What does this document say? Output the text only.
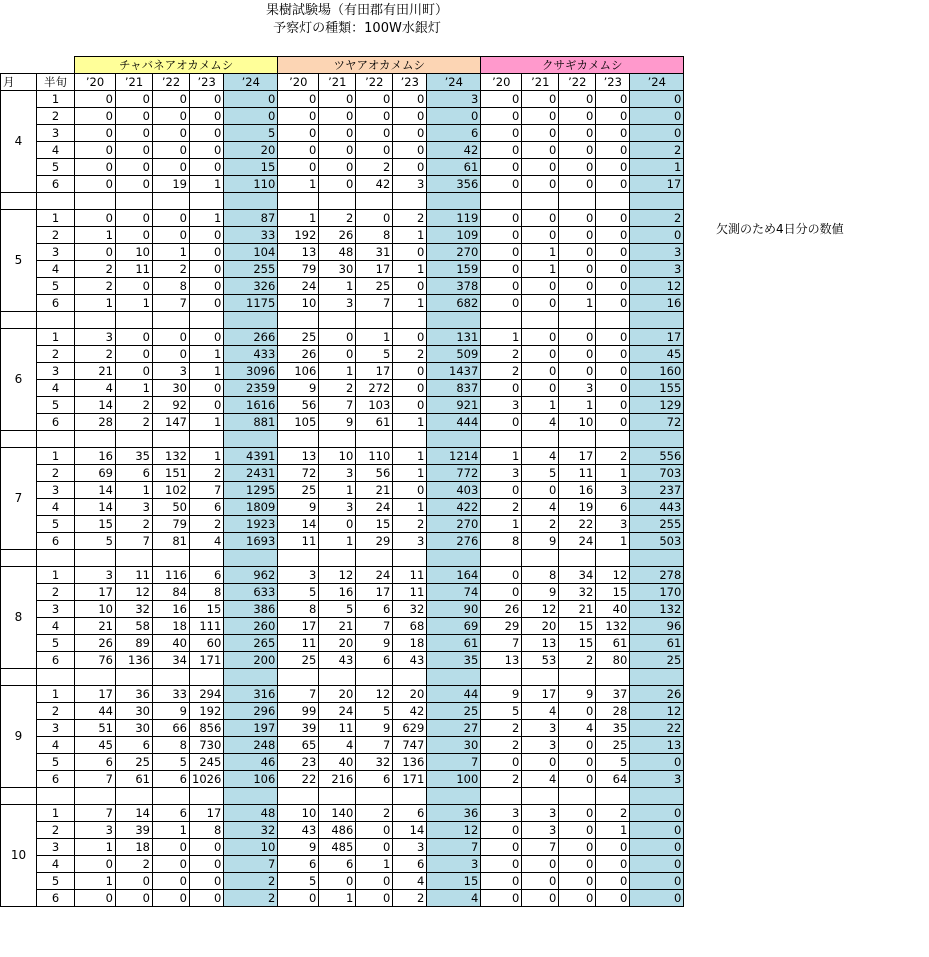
果樹試験場（有田郡有田川町）
予察灯の種類：100W水銀灯
		チャバネアオカメムシ					ツヤアオカメムシ					クサギカメムシ				
月	半旬	’20	’21	’22	’23	’24	’20	’21	’22	’23	’24	’20	’21	’22	’23	’24
4	1	0	0	0	0	0	0	0	0	0	3	0	0	0	0	0
	2	0	0	0	0	0	0	0	0	0	0	0	0	0	0	0
	3	0	0	0	0	5	0	0	0	0	6	0	0	0	0	0
	4	0	0	0	0	20	0	0	0	0	42	0	0	0	0	2
	5	0	0	0	0	15	0	0	2	0	61	0	0	0	0	1
	6	0	0	19	1	110	1	0	42	3	356	0	0	0	0	17

5	1	0	0	0	1	87	1	2	0	2	119	0	0	0	0	2
	2	1	0	0	0	33	192	26	8	1	109	0	0	0	0	0
	3	0	10	1	0	104	13	48	31	0	270	0	1	0	0	3
	4	2	11	2	0	255	79	30	17	1	159	0	1	0	0	3
	5	2	0	8	0	326	24	1	25	0	378	0	0	0	0	12
	6	1	1	7	0	1175	10	3	7	1	682	0	0	1	0	16

6	1	3	0	0	0	266	25	0	1	0	131	1	0	0	0	17
	2	2	0	0	1	433	26	0	5	2	509	2	0	0	0	45
	3	21	0	3	1	3096	106	1	17	0	1437	2	0	0	0	160
	4	4	1	30	0	2359	9	2	272	0	837	0	0	3	0	155
	5	14	2	92	0	1616	56	7	103	0	921	3	1	1	0	129
	6	28	2	147	1	881	105	9	61	1	444	0	4	10	0	72

7	1	16	35	132	1	4391	13	10	110	1	1214	1	4	17	2	556
	2	69	6	151	2	2431	72	3	56	1	772	3	5	11	1	703
	3	14	1	102	7	1295	25	1	21	0	403	0	0	16	3	237
	4	14	3	50	6	1809	9	3	24	1	422	2	4	19	6	443
	5	15	2	79	2	1923	14	0	15	2	270	1	2	22	3	255
	6	5	7	81	4	1693	11	1	29	3	276	8	9	24	1	503

8	1	3	11	116	6	962	3	12	24	11	164	0	8	34	12	278
	2	17	12	84	8	633	5	16	17	11	74	0	9	32	15	170
	3	10	32	16	15	386	8	5	6	32	90	26	12	21	40	132
	4	21	58	18	111	260	17	21	7	68	69	29	20	15	132	96
	5	26	89	40	60	265	11	20	9	18	61	7	13	15	61	61
	6	76	136	34	171	200	25	43	6	43	35	13	53	2	80	25

9	1	17	36	33	294	316	7	20	12	20	44	9	17	9	37	26
	2	44	30	9	192	296	99	24	5	42	25	5	4	0	28	12
	3	51	30	66	856	197	39	11	9	629	27	2	3	4	35	22
	4	45	6	8	730	248	65	4	7	747	30	2	3	0	25	13
	5	6	25	5	245	46	23	40	32	136	7	0	0	0	5	0
	6	7	61	6	1026	106	22	216	6	171	100	2	4	0	64	3

10	1	7	14	6	17	48	10	140	2	6	36	3	3	0	2	0
	2	3	39	1	8	32	43	486	0	14	12	0	3	0	1	0
	3	1	18	0	0	10	9	485	0	3	7	0	7	0	0	0
	4	0	2	0	0	7	6	6	1	6	3	0	0	0	0	0
	5	1	0	0	0	2	5	0	0	4	15	0	0	0	0	0
	6	0	0	0	0	2	0	1	0	2	4	0	0	0	0	0
欠測のため4日分の数値
